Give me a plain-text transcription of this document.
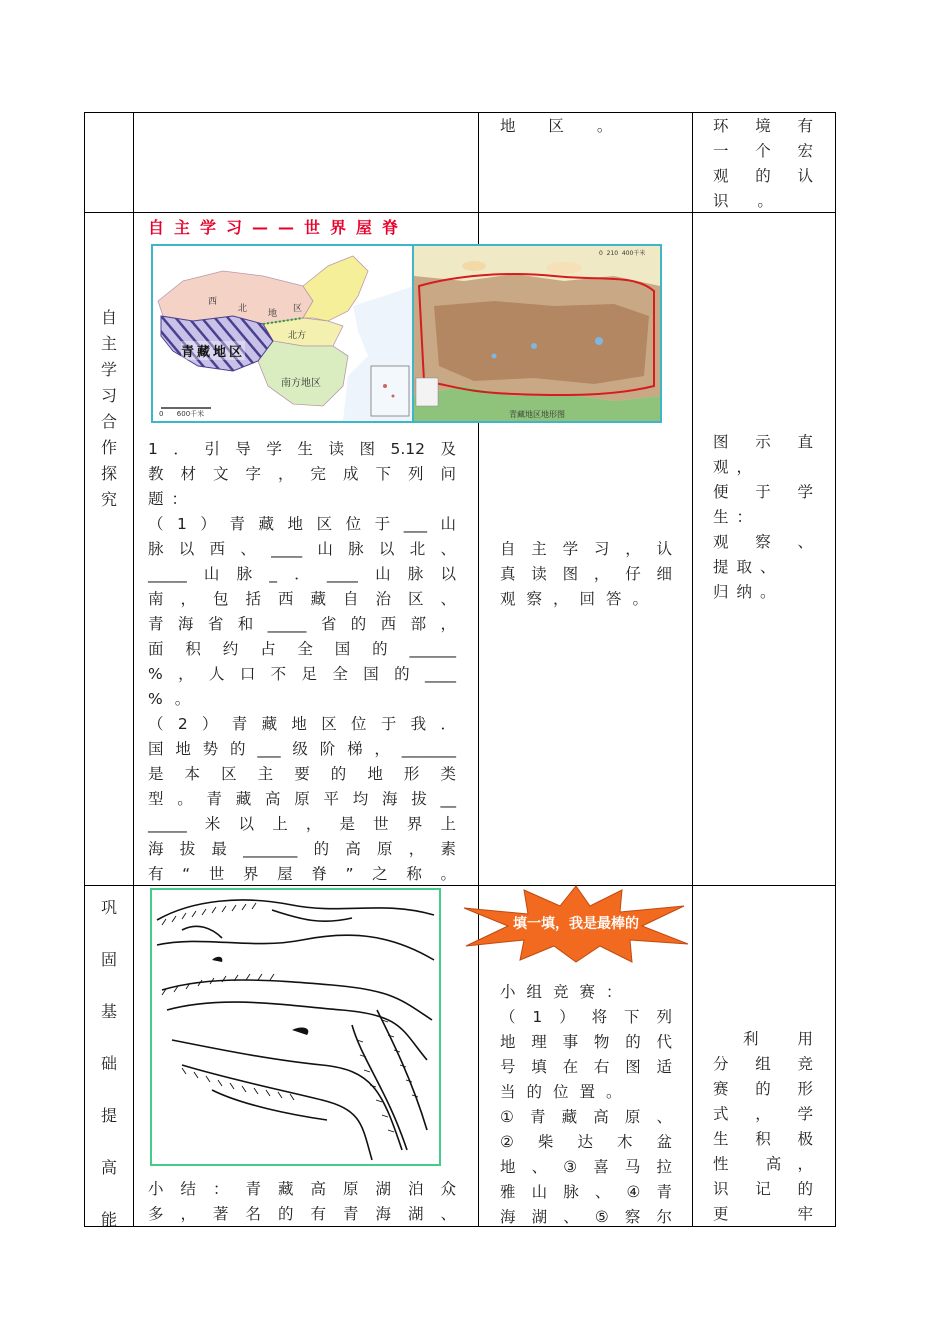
地 区 。	环 境 有
一 个 宏
观 的 认
识 。
自主学习合作探究
自主学习——世界屋脊
青藏地区
西
北 地 区
北方
南方地区
0      600千米
0  210  400千米
青藏地区地形图
1．引导学生读图5.12及
教材文字，完成下列问
题：
（1）青藏地区位于___山
脉以西、____山脉以北、
_____山脉_．____山脉以
南，包括西藏自治区、
青海省和_____省的西部，
面积约占全国的______
%，人口不足全国的____
%。
（2）青藏地区位于我．
国地势的___级阶梯，_______
是本区主要的地形类
型。青藏高原平均海拔__
_____米以上，是世界上
海拔最_______的高原，素
有“世界屋脊”之称。
自主学习，认
真读图，仔细
观察，回答。
图 示 直
观，
便 于 学
生：
观 察 、
提取、
归纳。
巩
固
基
础
提
高
能
小结：青藏高原湖泊众
多，著名的有青海湖、
填一填，我是最棒的
小组竞赛：
（1）将下列
地理事物的代
号填在右图适
当的位置。
①青藏高原、
②柴达木盆
地、③喜马拉
雅山脉、④青
海湖、⑤察尔
利 用
分 组 竞
赛 的 形
式，学
生 积 极
性 高，
识 记 的
更 牢
